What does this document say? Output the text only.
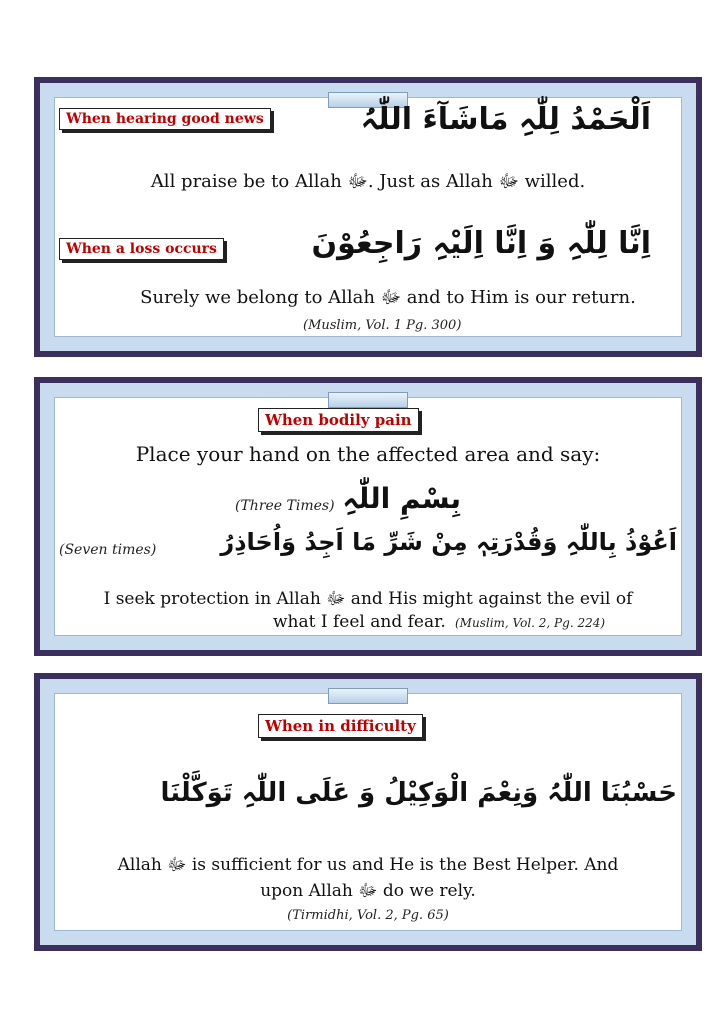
When hearing good news	اَلْحَمْدُ لِلّٰہِ مَاشَآءَ اللّٰہُ
All praise be to Allah ﷻ. Just as Allah ﷻ willed.
When a loss occurs	اِنَّا لِلّٰہِ وَ اِنَّا اِلَیْہِ رَاجِعُوْنَ
Surely we belong to Allah ﷻ and to Him is our return.
(Muslim, Vol. 1 Pg. 300)
When bodily pain
Place your hand on the affected area and say:
(Three Times) بِسْمِ اللّٰہِ
(Seven times)	اَعُوْذُ بِاللّٰہِ وَقُدْرَتِہٖ مِنْ شَرِّ مَا اَجِدُ وَاُحَاذِرُ
I seek protection in Allah ﷻ and His might against the evil of
what I feel and fear. (Muslim, Vol. 2, Pg. 224)
When in difficulty
حَسْبُنَا اللّٰہُ وَنِعْمَ الْوَکِیْلُ وَ عَلَی اللّٰہِ تَوَکَّلْنَا
Allah ﷻ is sufficient for us and He is the Best Helper. And
upon Allah ﷻ do we rely.
(Tirmidhi, Vol. 2, Pg. 65)
